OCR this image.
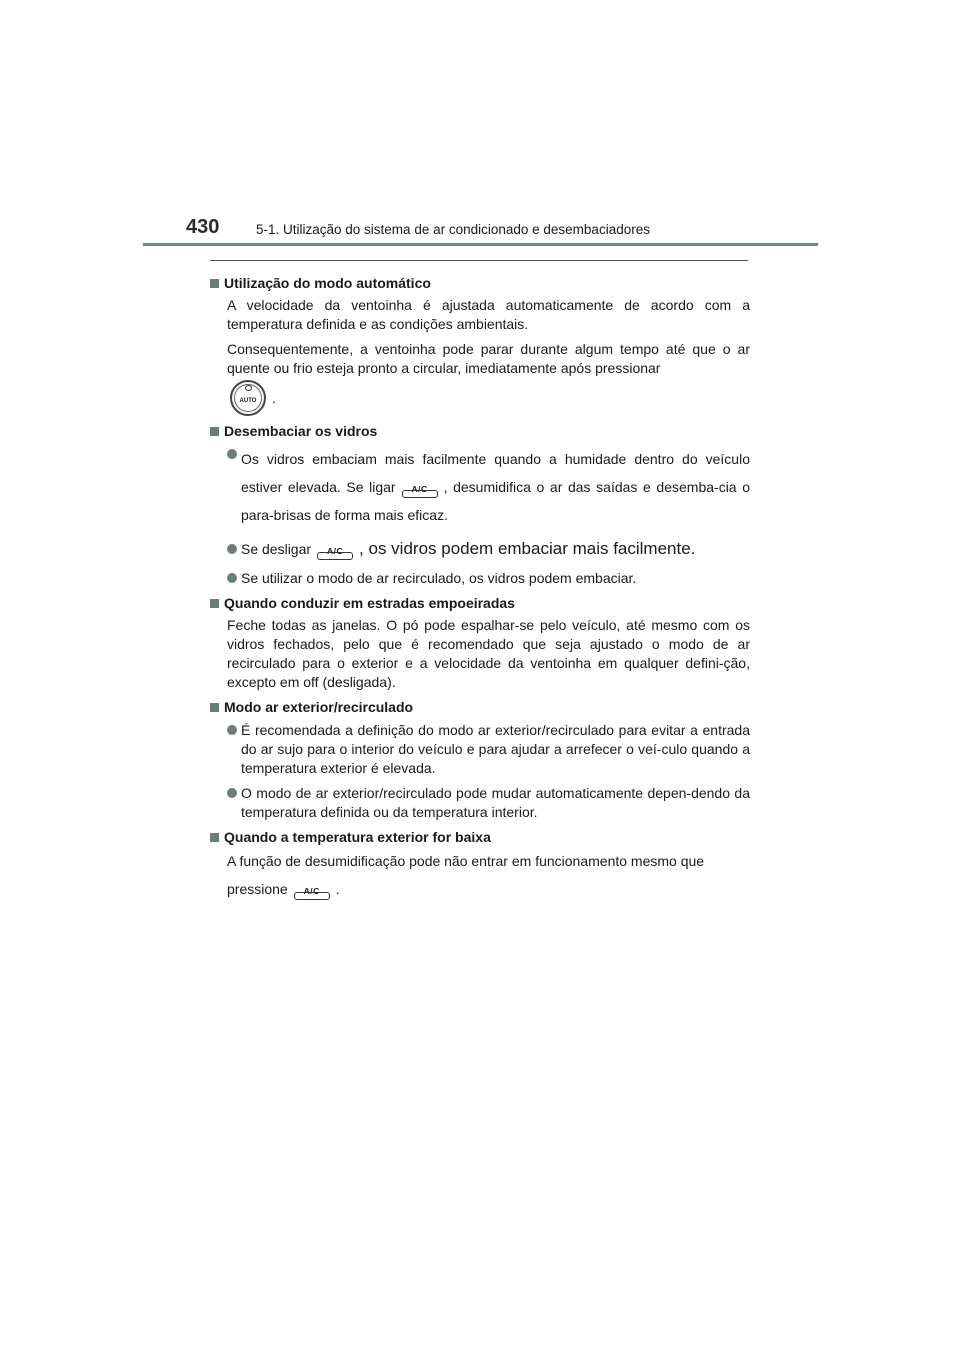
430	5-1. Utilização do sistema de ar condicionado e desembaciadores
Utilização do modo automático
A velocidade da ventoinha é ajustada automaticamente de acordo com a temperatura definida e as condições ambientais.
Consequentemente, a ventoinha pode parar durante algum tempo até que o ar quente ou frio esteja pronto a circular, imediatamente após pressionar
AUTO .
Desembaciar os vidros
Os vidros embaciam mais facilmente quando a humidade dentro do veículo estiver elevada. Se ligar	A/C	, desumidifica o ar das saídas e desemba-cia o para-brisas de forma mais eficaz.
Se desligar	A/C , os vidros podem embaciar mais facilmente.
Se utilizar o modo de ar recirculado, os vidros podem embaciar.
Quando conduzir em estradas empoeiradas
Feche todas as janelas. O pó pode espalhar-se pelo veículo, até mesmo com os vidros fechados, pelo que é recomendado que seja ajustado o modo de ar recirculado para o exterior e a velocidade da ventoinha em qualquer defini-ção, excepto em off (desligada).
Modo ar exterior/recirculado
É recomendada a definição do modo ar exterior/recirculado para evitar a entrada do ar sujo para o interior do veículo e para ajudar a arrefecer o veí-culo quando a temperatura exterior é elevada.
O modo de ar exterior/recirculado pode mudar automaticamente depen-dendo da temperatura definida ou da temperatura interior.
Quando a temperatura exterior for baixa
A função de desumidificação pode não entrar em funcionamento mesmo que
pressione	A/C	.
